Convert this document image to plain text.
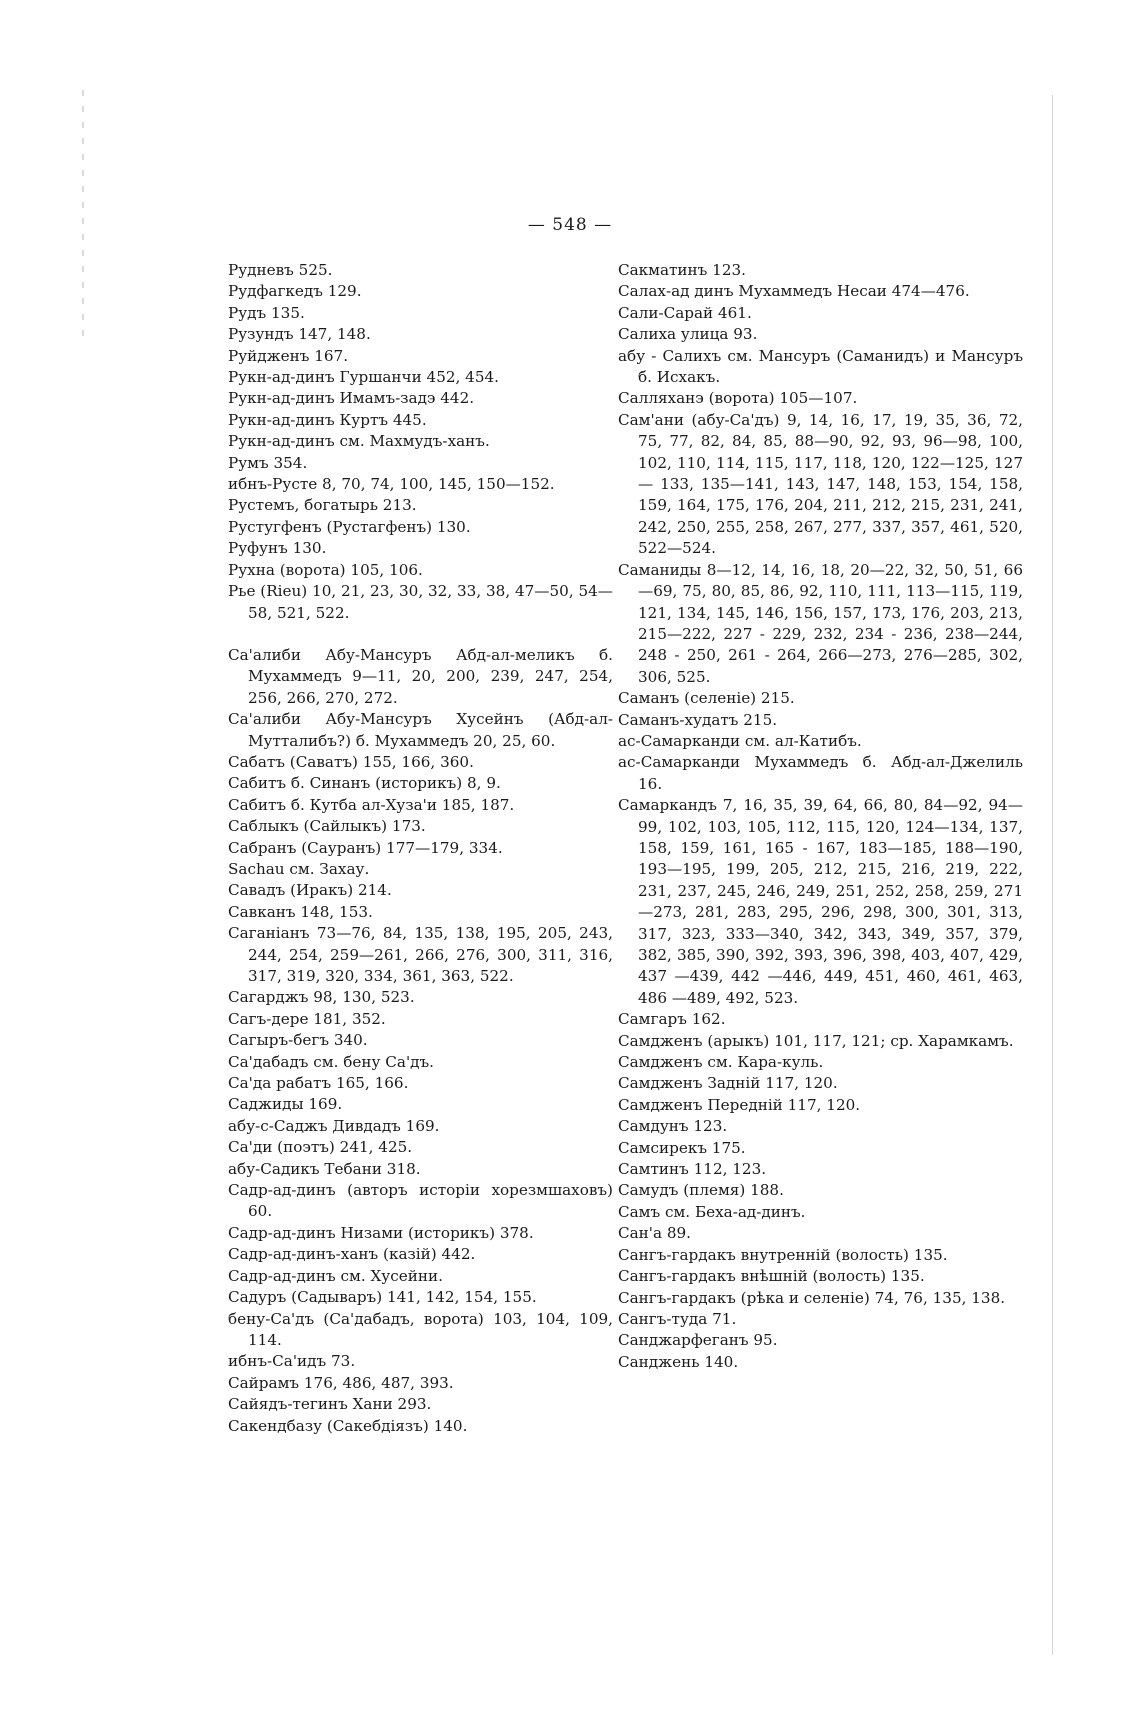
— 548 —
Рудневъ 525.
Рудфагкедъ 129.
Рудъ 135.
Рузундъ 147, 148.
Руйдженъ 167.
Рукн-ад-динъ Гуршанчи 452, 454.
Рукн-ад-динъ Имамъ-задэ 442.
Рукн-ад-динъ Куртъ 445.
Рукн-ад-динъ см. Махмудъ-ханъ.
Румъ 354.
ибнъ-Русте 8, 70, 74, 100, 145, 150—152.
Рустемъ, богатырь 213.
Рустугфенъ (Рустагфенъ) 130.
Руфунъ 130.
Рухна (ворота) 105, 106.
Рье (Rieu) 10, 21, 23, 30, 32, 33, 38, 47—50, 54—58, 521, 522.
Са'алиби Абу-Мансуръ Абд-ал-меликъ б. Мухаммедъ 9—11, 20, 200, 239, 247, 254, 256, 266, 270, 272.
Са'алиби Абу-Мансуръ Хусейнъ (Абд-ал-Мутталибъ?) б. Мухаммедъ 20, 25, 60.
Сабатъ (Саватъ) 155, 166, 360.
Сабитъ б. Синанъ (историкъ) 8, 9.
Сабитъ б. Кутба ал-Хуза'и 185, 187.
Саблыкъ (Сайлыкъ) 173.
Сабранъ (Сауранъ) 177—179, 334.
Sachau см. Захау.
Савадъ (Иракъ) 214.
Савканъ 148, 153.
Саганіанъ 73—76, 84, 135, 138, 195, 205, 243, 244, 254, 259—261, 266, 276, 300, 311, 316, 317, 319, 320, 334, 361, 363, 522.
Сагарджъ 98, 130, 523.
Сагъ-дере 181, 352.
Сагыръ-бегъ 340.
Са'дабадъ см. бену Са'дъ.
Са'да рабатъ 165, 166.
Саджиды 169.
абу-с-Саджъ Дивдадъ 169.
Са'ди (поэтъ) 241, 425.
абу-Садикъ Тебани 318.
Садр-ад-динъ (авторъ исторіи хорезмшаховъ) 60.
Садр-ад-динъ Низами (историкъ) 378.
Садр-ад-динъ-ханъ (казій) 442.
Садр-ад-динъ см. Хусейни.
Садуръ (Садываръ) 141, 142, 154, 155.
бену-Са'дъ (Са'дабадъ, ворота) 103, 104, 109, 114.
ибнъ-Са'идъ 73.
Сайрамъ 176, 486, 487, 393.
Сайядъ-тегинъ Хани 293.
Сакендбазу (Сакебдіязъ) 140.
Сакматинъ 123.
Салах-ад динъ Мухаммедъ Несаи 474—476.
Сали-Сарай 461.
Салиха улица 93.
абу - Салихъ см. Мансуръ (Саманидъ) и Мансуръ б. Исхакъ.
Салляханэ (ворота) 105—107.
Сам'ани (абу-Са'дъ) 9, 14, 16, 17, 19, 35, 36, 72, 75, 77, 82, 84, 85, 88—90, 92, 93, 96—98, 100, 102, 110, 114, 115, 117, 118, 120, 122—125, 127 — 133, 135—141, 143, 147, 148, 153, 154, 158, 159, 164, 175, 176, 204, 211, 212, 215, 231, 241, 242, 250, 255, 258, 267, 277, 337, 357, 461, 520, 522—524.
Саманиды 8—12, 14, 16, 18, 20—22, 32, 50, 51, 66—69, 75, 80, 85, 86, 92, 110, 111, 113—115, 119, 121, 134, 145, 146, 156, 157, 173, 176, 203, 213, 215—222, 227 - 229, 232, 234 - 236, 238—244, 248 - 250, 261 - 264, 266—273, 276—285, 302, 306, 525.
Саманъ (селеніе) 215.
Саманъ-худатъ 215.
ас-Самарканди см. ал-Катибъ.
ас-Самарканди Мухаммедъ б. Абд-ал-Джелиль 16.
Самаркандъ 7, 16, 35, 39, 64, 66, 80, 84—92, 94—99, 102, 103, 105, 112, 115, 120, 124—134, 137, 158, 159, 161, 165 - 167, 183—185, 188—190, 193—195, 199, 205, 212, 215, 216, 219, 222, 231, 237, 245, 246, 249, 251, 252, 258, 259, 271—273, 281, 283, 295, 296, 298, 300, 301, 313, 317, 323, 333—340, 342, 343, 349, 357, 379, 382, 385, 390, 392, 393, 396, 398, 403, 407, 429, 437 —439, 442 —446, 449, 451, 460, 461, 463, 486 —489, 492, 523.
Самгаръ 162.
Самдженъ (арыкъ) 101, 117, 121; ср. Харамкамъ.
Самдженъ см. Кара-куль.
Самдженъ Задній 117, 120.
Самдженъ Передній 117, 120.
Самдунъ 123.
Самсирекъ 175.
Самтинъ 112, 123.
Самудъ (племя) 188.
Самъ см. Беха-ад-динъ.
Сан'а 89.
Сангъ-гардакъ внутренній (волость) 135.
Сангъ-гардакъ внѣшній (волость) 135.
Сангъ-гардакъ (рѣка и селеніе) 74, 76, 135, 138.
Сангъ-туда 71.
Санджарфеганъ 95.
Санджень 140.
